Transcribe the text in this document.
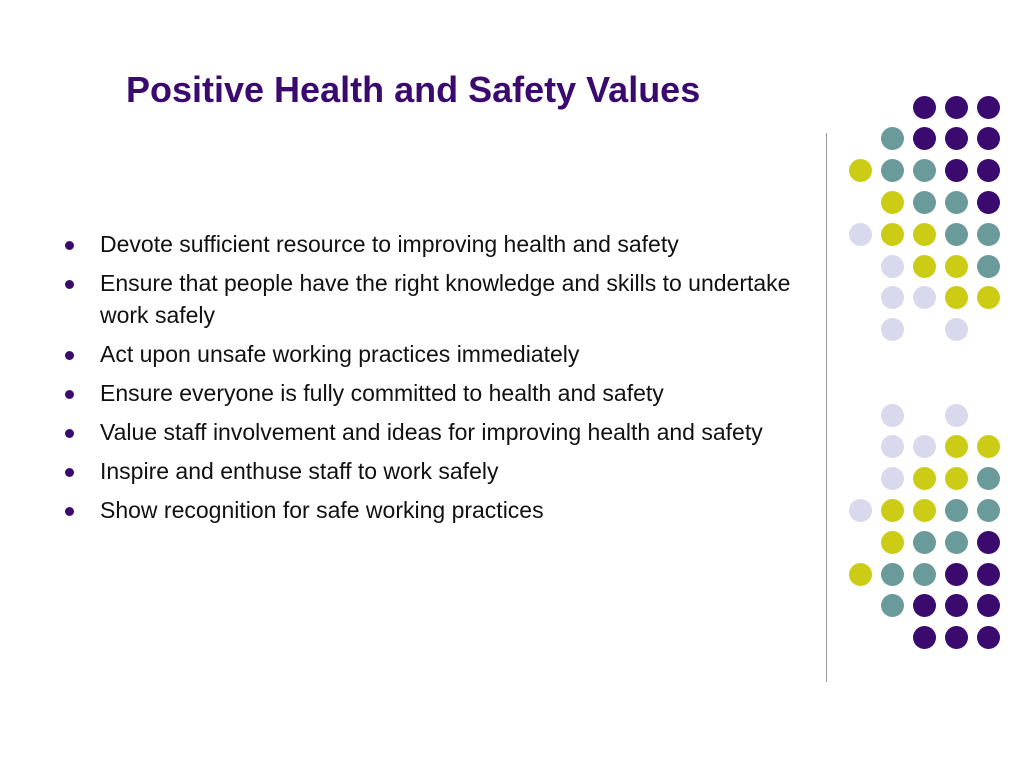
Positive Health and Safety Values
Devote sufficient resource to improving health and safety
Ensure that people have the right knowledge and skills to undertake work safely
Act upon unsafe working practices immediately
Ensure everyone is fully committed to health and safety
Value staff involvement and ideas for improving health and safety
Inspire and enthuse staff to work safely
Show recognition for safe working practices
